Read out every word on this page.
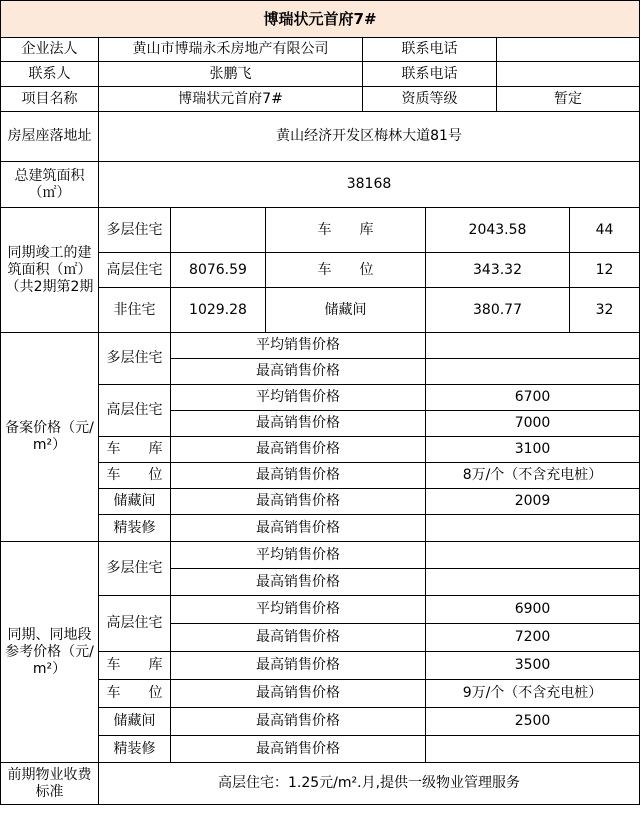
博瑞状元首府7#							
企业法人	黄山市博瑞永禾房地产有限公司			联系电话			
联系人	张鹏飞			联系电话			
项目名称	博瑞状元首府7#			资质等级		暂定	
房屋座落地址	黄山经济开发区梅林大道81号						
总建筑面积（㎡）	38168						
同期竣工的建筑面积（㎡）（共2期第2期	多层住宅		车　　库		2043.58		44
	高层住宅	8076.59	车　　位		343.32		12
	非住宅	1029.28	储藏间		380.77		32
备案价格（元/m²）	多层住宅	平均销售价格					
		最高销售价格					
	高层住宅	平均销售价格			6700		
		最高销售价格			7000		
	车　　库	最高销售价格			3100		
	车　　位	最高销售价格			8万/个（不含充电桩）		
	储藏间	最高销售价格			2009		
	精装修	最高销售价格					
同期、同地段参考价格（元/　m²）	多层住宅	平均销售价格					
		最高销售价格					
	高层住宅	平均销售价格			6900		
		最高销售价格			7200		
	车　　库	最高销售价格			3500		
	车　　位	最高销售价格			9万/个（不含充电桩）		
	储藏间	最高销售价格			2500		
	精装修	最高销售价格					
前期物业收费标准	高层住宅：1.25元/m².月,提供一级物业管理服务						
